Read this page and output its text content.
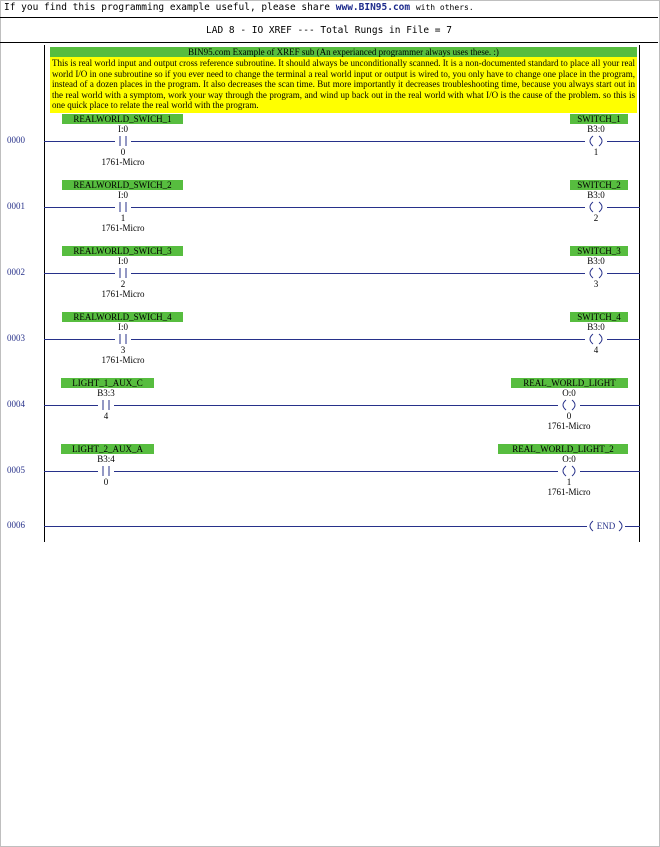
If you find this programming example useful, please share www.BIN95.com with others.
LAD 8 - IO XREF --- Total Rungs in File = 7
BIN95.com Example of XREF sub (An experianced programmer always uses these. :)
This is real world input and output cross reference subroutine. It should always be unconditionally scanned. It is a non-documented standard to place all your real world I/O in one subroutine so if you ever need to change the terminal a real world input or output is wired to, you only have to change one place in the program, instead of a dozen places in the program. It also decreases the scan time. But more importantly it decreases troubleshooting time, because you always start out in the real world with a symptom, work your way through the program, and wind up back out in the real world with what I/O is the cause of the problem. so this is one quick place to relate the real world with the program.
0000
REALWORLD_SWICH_1
I:0
0
1761-Micro
SWITCH_1
B3:0
1
0001
REALWORLD_SWICH_2
I:0
1
1761-Micro
SWITCH_2
B3:0
2
0002
REALWORLD_SWICH_3
I:0
2
1761-Micro
SWITCH_3
B3:0
3
0003
REALWORLD_SWICH_4
I:0
3
1761-Micro
SWITCH_4
B3:0
4
0004
LIGHT_1_AUX_C
B3:3
4
REAL_WORLD_LIGHT
O:0
0
1761-Micro
0005
LIGHT_2_AUX_A
B3:4
0
REAL_WORLD_LIGHT_2
O:0
1
1761-Micro
0006	END
